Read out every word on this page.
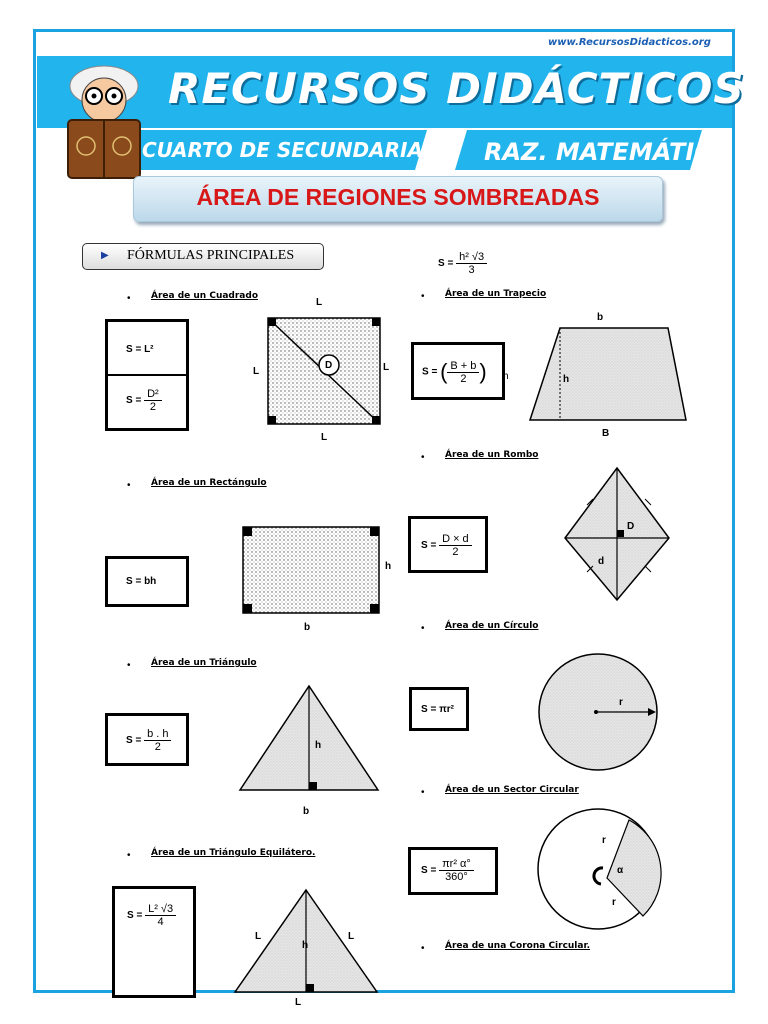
www.RecursosDidacticos.org
RECURSOS DIDÁCTICOS
CUARTO DE SECUNDARIA	RAZ. MATEMÁTICO
ÁREA DE REGIONES SOMBREADAS
▶ FÓRMULAS PRINCIPALES
$S = \frac{\text{h² √3}}{3}$
• Área de un Cuadrado
S = L²
$S = \frac{\text{D²}}{2}$
L
L	L
L
D
• Área de un Rectángulo
S = bh
h
b
• Área de un Triángulo
$S = \frac{b . h}{2}$	h
b
• Área de un Triángulo Equilátero.
$S = \frac{\text{L² √3}}{4}$
L	L
h
L
• Área de un Trapecio
S = ( $\frac{B + b}{2}$ ) h
b
h
B
• Área de un Rombo
$S = \frac{D \times d}{2}$
D
d
• Área de un Círculo
S = πr²
r
• Área de un Sector Circular
$S = \frac{\text{πr² α°}}{360^\circ}$
r
r
α
• Área de una Corona Circular.
